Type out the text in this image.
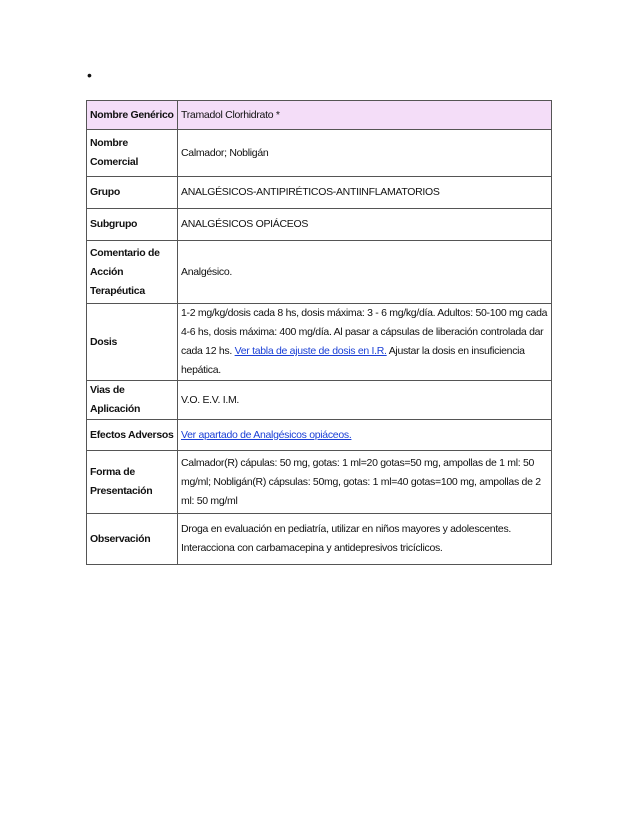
•
Nombre Genérico	Tramadol Clorhidrato *
Nombre Comercial	Calmador; Nobligán
Grupo	ANALGÉSICOS-ANTIPIRÉTICOS-ANTIINFLAMATORIOS
Subgrupo	ANALGÉSICOS OPIÁCEOS
Comentario de Acción Terapéutica	Analgésico.
Dosis	1-2 mg/kg/dosis cada 8 hs, dosis máxima: 3 - 6 mg/kg/día. Adultos: 50-100 mg cada 4-6 hs, dosis máxima: 400 mg/día. Al pasar a cápsulas de liberación controlada dar cada 12 hs. Ver tabla de ajuste de dosis en I.R. Ajustar la dosis en insuficiencia hepática.
Vias de Aplicación	V.O. E.V. I.M.
Efectos Adversos	Ver apartado de Analgésicos opiáceos.
Forma de Presentación	Calmador(R) cápulas: 50 mg, gotas: 1 ml=20 gotas=50 mg, ampollas de 1 ml: 50 mg/ml; Nobligán(R) cápsulas: 50mg, gotas: 1 ml=40 gotas=100 mg, ampollas de 2 ml: 50 mg/ml
Observación	Droga en evaluación en pediatría, utilizar en niños mayores y adolescentes. Interacciona con carbamacepina y antidepresivos tricíclicos.
